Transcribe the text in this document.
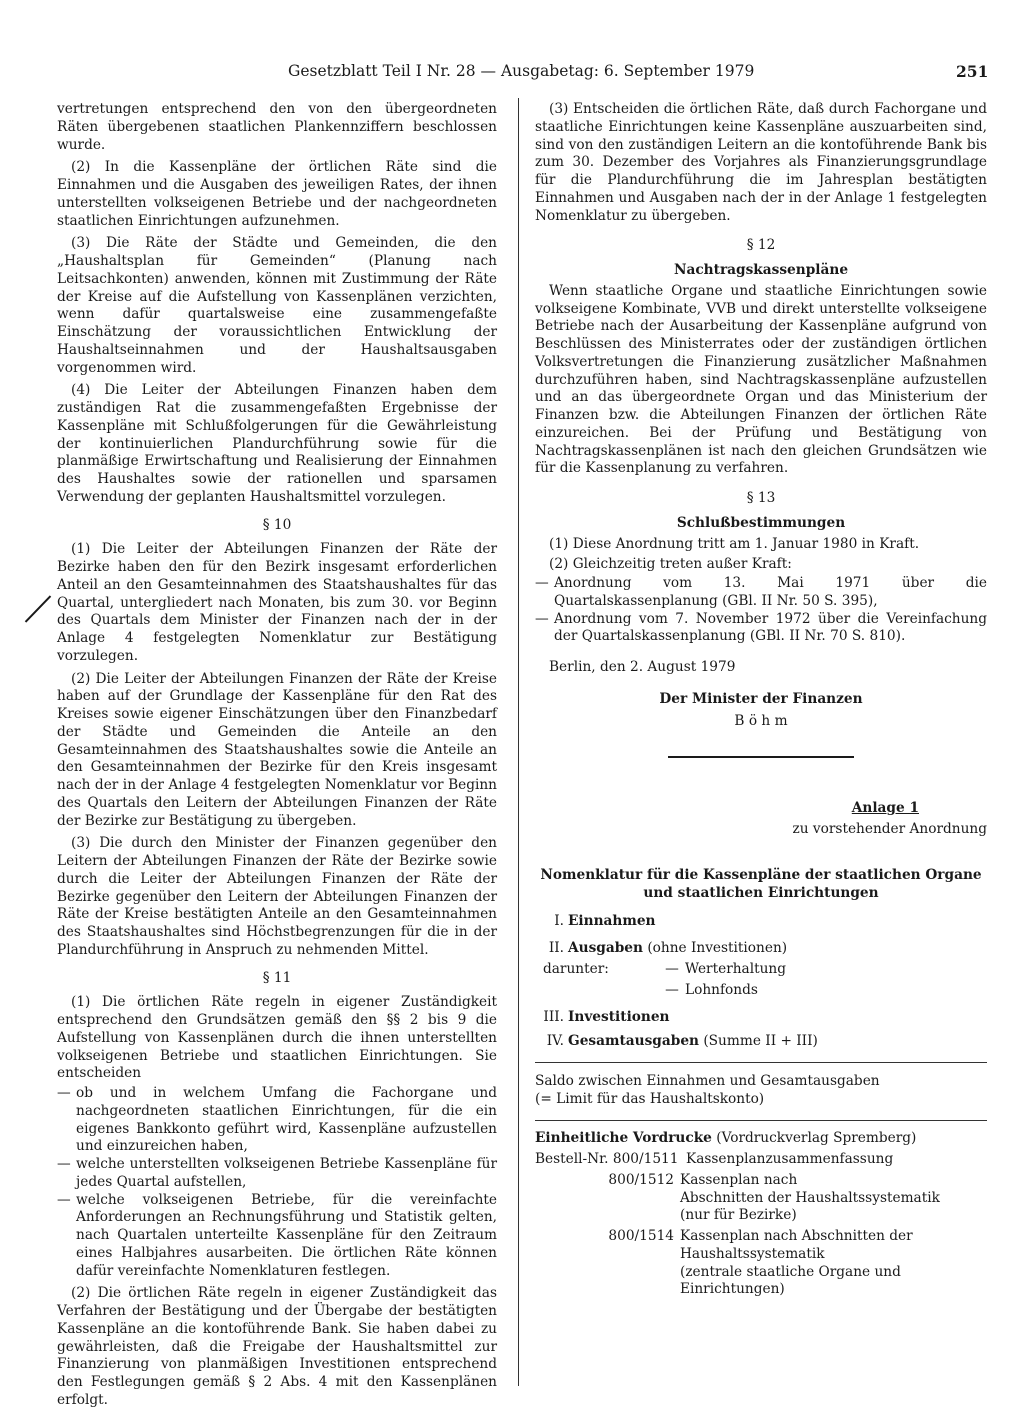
Gesetzblatt Teil I Nr. 28 — Ausgabetag: 6. September 1979	251

vertretungen entsprechend den von den übergeordneten Räten übergebenen staatlichen Plankennziffern beschlossen wurde.

(2) In die Kassenpläne der örtlichen Räte sind die Einnahmen und die Ausgaben des jeweiligen Rates, der ihnen unterstellten volkseigenen Betriebe und der nachgeordneten staatlichen Einrichtungen aufzunehmen.

(3) Die Räte der Städte und Gemeinden, die den „Haushaltsplan für Gemeinden“ (Planung nach Leitsachkonten) anwenden, können mit Zustimmung der Räte der Kreise auf die Aufstellung von Kassenplänen verzichten, wenn dafür quartalsweise eine zusammengefaßte Einschätzung der voraussichtlichen Entwicklung der Haushaltseinnahmen und der Haushaltsausgaben vorgenommen wird.

(4) Die Leiter der Abteilungen Finanzen haben dem zuständigen Rat die zusammengefaßten Ergebnisse der Kassenpläne mit Schlußfolgerungen für die Gewährleistung der kontinuierlichen Plandurchführung sowie für die planmäßige Erwirtschaftung und Realisierung der Einnahmen des Haushaltes sowie der rationellen und sparsamen Verwendung der geplanten Haushaltsmittel vorzulegen.

§ 10

(1) Die Leiter der Abteilungen Finanzen der Räte der Bezirke haben den für den Bezirk insgesamt erforderlichen Anteil an den Gesamteinnahmen des Staatshaushaltes für das Quartal, untergliedert nach Monaten, bis zum 30. vor Beginn des Quartals dem Minister der Finanzen nach der in der Anlage 4 festgelegten Nomenklatur zur Bestätigung vorzulegen.

(2) Die Leiter der Abteilungen Finanzen der Räte der Kreise haben auf der Grundlage der Kassenpläne für den Rat des Kreises sowie eigener Einschätzungen über den Finanzbedarf der Städte und Gemeinden die Anteile an den Gesamteinnahmen des Staatshaushaltes sowie die Anteile an den Gesamteinnahmen der Bezirke für den Kreis insgesamt nach der in der Anlage 4 festgelegten Nomenklatur vor Beginn des Quartals den Leitern der Abteilungen Finanzen der Räte der Bezirke zur Bestätigung zu übergeben.

(3) Die durch den Minister der Finanzen gegenüber den Leitern der Abteilungen Finanzen der Räte der Bezirke sowie durch die Leiter der Abteilungen Finanzen der Räte der Bezirke gegenüber den Leitern der Abteilungen Finanzen der Räte der Kreise bestätigten Anteile an den Gesamteinnahmen des Staatshaushaltes sind Höchstbegrenzungen für die in der Plandurchführung in Anspruch zu nehmenden Mittel.

§ 11

(1) Die örtlichen Räte regeln in eigener Zuständigkeit entsprechend den Grundsätzen gemäß den §§ 2 bis 9 die Aufstellung von Kassenplänen durch die ihnen unterstellten volkseigenen Betriebe und staatlichen Einrichtungen. Sie entscheiden

— ob und in welchem Umfang die Fachorgane und nachgeordneten staatlichen Einrichtungen, für die ein eigenes Bankkonto geführt wird, Kassenpläne aufzustellen und einzureichen haben,
— welche unterstellten volkseigenen Betriebe Kassenpläne für jedes Quartal aufstellen,
— welche volkseigenen Betriebe, für die vereinfachte Anforderungen an Rechnungsführung und Statistik gelten, nach Quartalen unterteilte Kassenpläne für den Zeitraum eines Halbjahres ausarbeiten. Die örtlichen Räte können dafür vereinfachte Nomenklaturen festlegen.

(2) Die örtlichen Räte regeln in eigener Zuständigkeit das Verfahren der Bestätigung und der Übergabe der bestätigten Kassenpläne an die kontoführende Bank. Sie haben dabei zu gewährleisten, daß die Freigabe der Haushaltsmittel zur Finanzierung von planmäßigen Investitionen entsprechend den Festlegungen gemäß § 2 Abs. 4 mit den Kassenplänen erfolgt.

(3) Entscheiden die örtlichen Räte, daß durch Fachorgane und staatliche Einrichtungen keine Kassenpläne auszuarbeiten sind, sind von den zuständigen Leitern an die kontoführende Bank bis zum 30. Dezember des Vorjahres als Finanzierungsgrundlage für die Plandurchführung die im Jahresplan bestätigten Einnahmen und Ausgaben nach der in der Anlage 1 festgelegten Nomenklatur zu übergeben.

§ 12
Nachtragskassenpläne

Wenn staatliche Organe und staatliche Einrichtungen sowie volkseigene Kombinate, VVB und direkt unterstellte volkseigene Betriebe nach der Ausarbeitung der Kassenpläne aufgrund von Beschlüssen des Ministerrates oder der zuständigen örtlichen Volksvertretungen die Finanzierung zusätzlicher Maßnahmen durchzuführen haben, sind Nachtragskassenpläne aufzustellen und an das übergeordnete Organ und das Ministerium der Finanzen bzw. die Abteilungen Finanzen der örtlichen Räte einzureichen. Bei der Prüfung und Bestätigung von Nachtragskassenplänen ist nach den gleichen Grundsätzen wie für die Kassenplanung zu verfahren.

§ 13
Schlußbestimmungen

(1) Diese Anordnung tritt am 1. Januar 1980 in Kraft.

(2) Gleichzeitig treten außer Kraft:

— Anordnung vom 13. Mai 1971 über die Quartalskassenplanung (GBl. II Nr. 50 S. 395),
— Anordnung vom 7. November 1972 über die Vereinfachung der Quartalskassenplanung (GBl. II Nr. 70 S. 810).

Berlin, den 2. August 1979

Der Minister der Finanzen
B ö h m
Anlage 1
zu vorstehender Anordnung
Nomenklatur für die Kassenpläne der staatlichen Organe
und staatlichen Einrichtungen
I. Einnahmen
II. Ausgaben
(ohne Investitionen)
darunter:	— Werterhaltung
— Lohnfonds
III. Investitionen
IV. Gesamtausgaben
(Summe II + III)
Saldo zwischen Einnahmen und Gesamtausgaben
(= Limit für das Haushaltskonto)
Einheitliche Vordrucke (Vordruckverlag Spremberg)
Bestell-Nr. 800/1511 Kassenplanzusammenfassung
800/1512 Kassenplan nach
Abschnitten der Haushaltssystematik
(nur für Bezirke)
800/1514 Kassenplan nach Abschnitten der Haushaltssystematik
(zentrale staatliche Organe und Einrichtungen)
